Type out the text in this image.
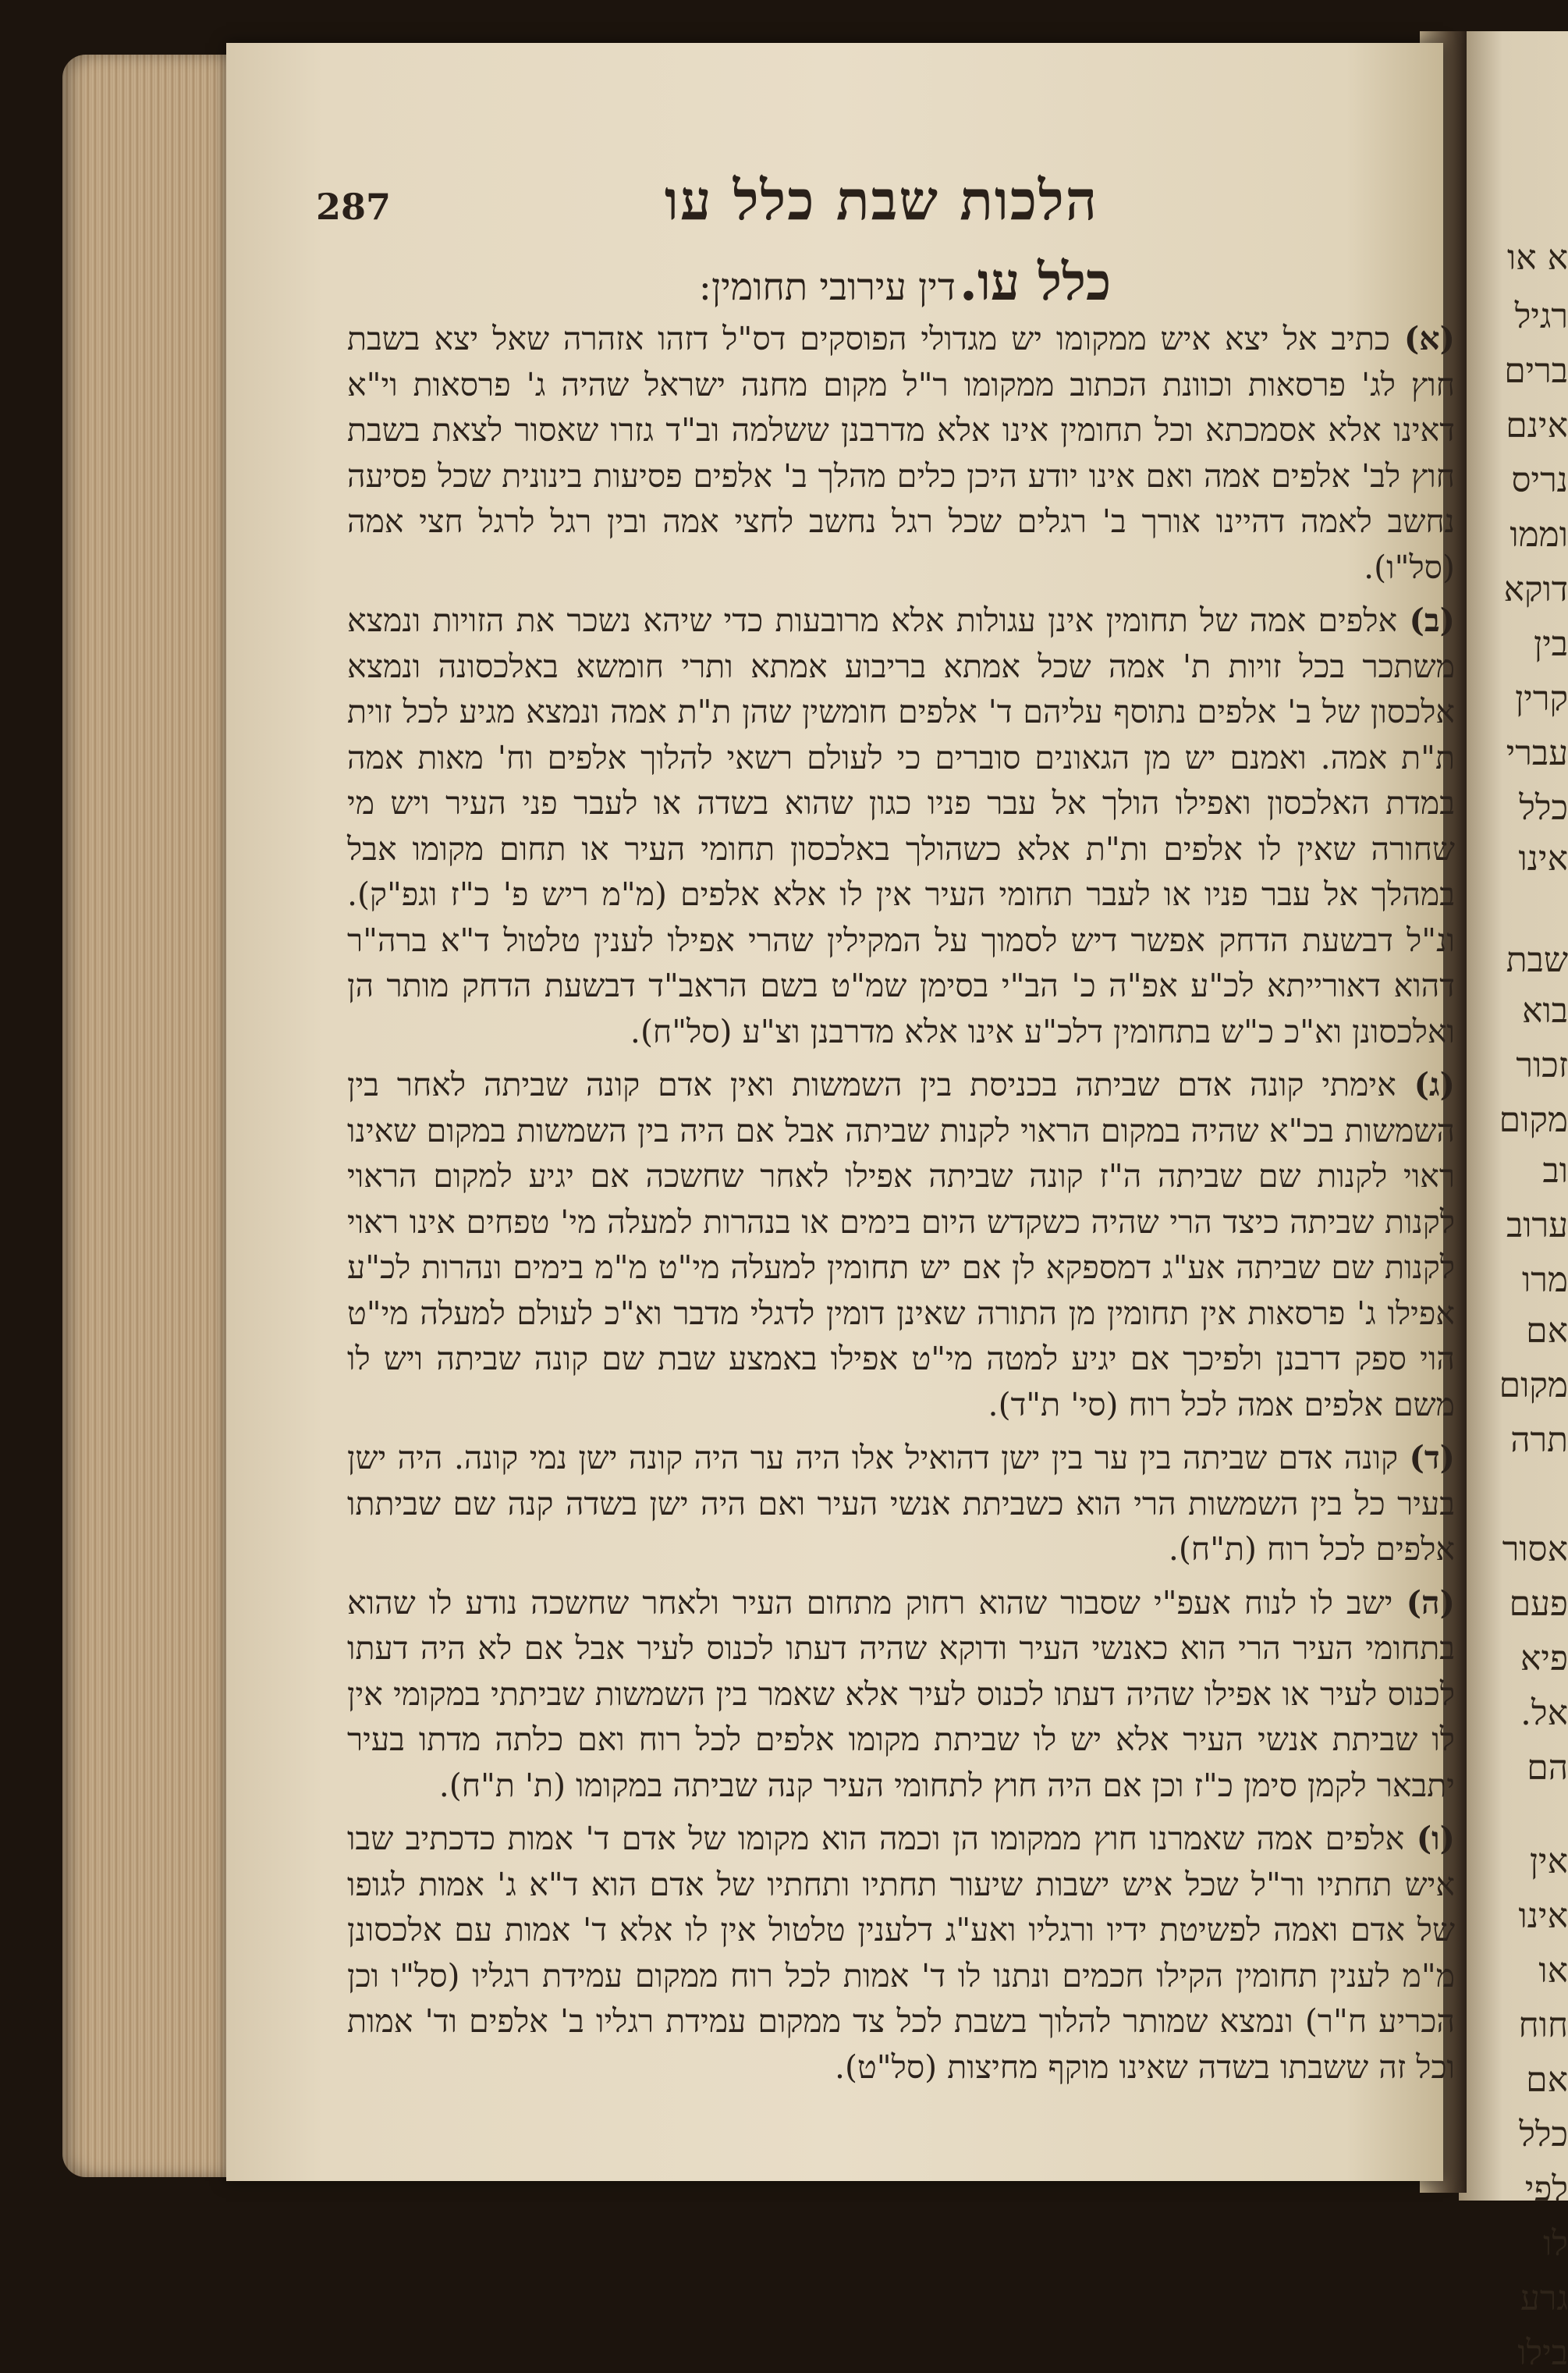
א או
רגיל
ברים
אינם
נריס
וממו
דוקא
בין
קרין
עברי
כלל
אינו
שבת
בוא
זכור
מקום
וב
ערוב
מרו
אם
מקום
תרה
אסור
פעם
פיא
אל.
הם
אין
אינו
או
חוח
אם
כלל
לפי
לו
גרע
בילו
287	הלכות שבת כלל עו
כלל עו. דין עירובי תחומין:

(א) כתיב אל יצא איש ממקומו יש מגדולי הפוסקים דס"ל דזהו אזהרה שאל יצא בשבת חוץ לג' פרסאות וכוונת הכתוב ממקומו ר"ל מקום מחנה ישראל שהיה ג' פרסאות וי"א דאינו אלא אסמכתא וכל תחומין אינו אלא מדרבנן ששלמה וב"ד גזרו שאסור לצאת בשבת חוץ לב' אלפים אמה ואם אינו יודע היכן כלים מהלך ב' אלפים פסיעות בינונית שכל פסיעה נחשב לאמה דהיינו אורך ב' רגלים שכל רגל נחשב לחצי אמה ובין רגל לרגל חצי אמה (סל"ו).

(ב) אלפים אמה של תחומין אינן עגולות אלא מרובעות כדי שיהא נשכר את הזויות ונמצא משתכר בכל זויות ת' אמה שכל אמתא בריבוע אמתא ותרי חומשא באלכסונה ונמצא אלכסון של ב' אלפים נתוסף עליהם ד' אלפים חומשין שהן ת"ת אמה ונמצא מגיע לכל זוית ת"ת אמה. ואמנם יש מן הגאונים סוברים כי לעולם רשאי להלוך אלפים וח' מאות אמה במדת האלכסון ואפילו הולך אל עבר פניו כגון שהוא בשדה או לעבר פני העיר ויש מי שחורה שאין לו אלפים ות"ת אלא כשהולך באלכסון תחומי העיר או תחום מקומו אבל במהלך אל עבר פניו או לעבר תחומי העיר אין לו אלא אלפים (מ"מ ריש פ' כ"ז וגפ"ק). ונ"ל דבשעת הדחק אפשר דיש לסמוך על המקילין שהרי אפילו לענין טלטול ד"א ברה"ר דהוא דאורייתא לכ"ע אפ"ה כ' הב"י בסימן שמ"ט בשם הראב"ד דבשעת הדחק מותר הן ואלכסונן וא"כ כ"ש בתחומין דלכ"ע אינו אלא מדרבנן וצ"ע (סל"ח).

(ג) אימתי קונה אדם שביתה בכניסת בין השמשות ואין אדם קונה שביתה לאחר בין השמשות בכ"א שהיה במקום הראוי לקנות שביתה אבל אם היה בין השמשות במקום שאינו ראוי לקנות שם שביתה ה"ז קונה שביתה אפילו לאחר שחשכה אם יגיע למקום הראוי לקנות שביתה כיצד הרי שהיה כשקדש היום בימים או בנהרות למעלה מי' טפחים אינו ראוי לקנות שם שביתה אע"ג דמספקא לן אם יש תחומין למעלה מי"ט מ"מ בימים ונהרות לכ"ע אפילו ג' פרסאות אין תחומין מן התורה שאינן דומין לדגלי מדבר וא"כ לעולם למעלה מי"ט הוי ספק דרבנן ולפיכך אם יגיע למטה מי"ט אפילו באמצע שבת שם קונה שביתה ויש לו משם אלפים אמה לכל רוח (סי' ת"ד).

(ד) קונה אדם שביתה בין ער בין ישן דהואיל אלו היה ער היה קונה ישן נמי קונה. היה ישן בעיר כל בין השמשות הרי הוא כשביתת אנשי העיר ואם היה ישן בשדה קנה שם שביתתו אלפים לכל רוח (ת"ח).

(ה) ישב לו לנוח אעפ"י שסבור שהוא רחוק מתחום העיר ולאחר שחשכה נודע לו שהוא בתחומי העיר הרי הוא כאנשי העיר ודוקא שהיה דעתו לכנוס לעיר אבל אם לא היה דעתו לכנוס לעיר או אפילו שהיה דעתו לכנוס לעיר אלא שאמר בין השמשות שביתתי במקומי אין לו שביתת אנשי העיר אלא יש לו שביתת מקומו אלפים לכל רוח ואם כלתה מדתו בעיר יתבאר לקמן סימן כ"ז וכן אם היה חוץ לתחומי העיר קנה שביתה במקומו (ת' ת"ח).

(ו) אלפים אמה שאמרנו חוץ ממקומו הן וכמה הוא מקומו של אדם ד' אמות כדכתיב שבו איש תחתיו ור"ל שכל איש ישבות שיעור תחתיו ותחתיו של אדם הוא ד"א ג' אמות לגופו של אדם ואמה לפשיטת ידיו ורגליו ואע"ג דלענין טלטול אין לו אלא ד' אמות עם אלכסונן מ"מ לענין תחומין הקילו חכמים ונתנו לו ד' אמות לכל רוח ממקום עמידת רגליו (סל"ו וכן הכריע ח"ר) ונמצא שמותר להלוך בשבת לכל צד ממקום עמידת רגליו ב' אלפים וד' אמות וכל זה ששבתו בשדה שאינו מוקף מחיצות (סל"ט).
